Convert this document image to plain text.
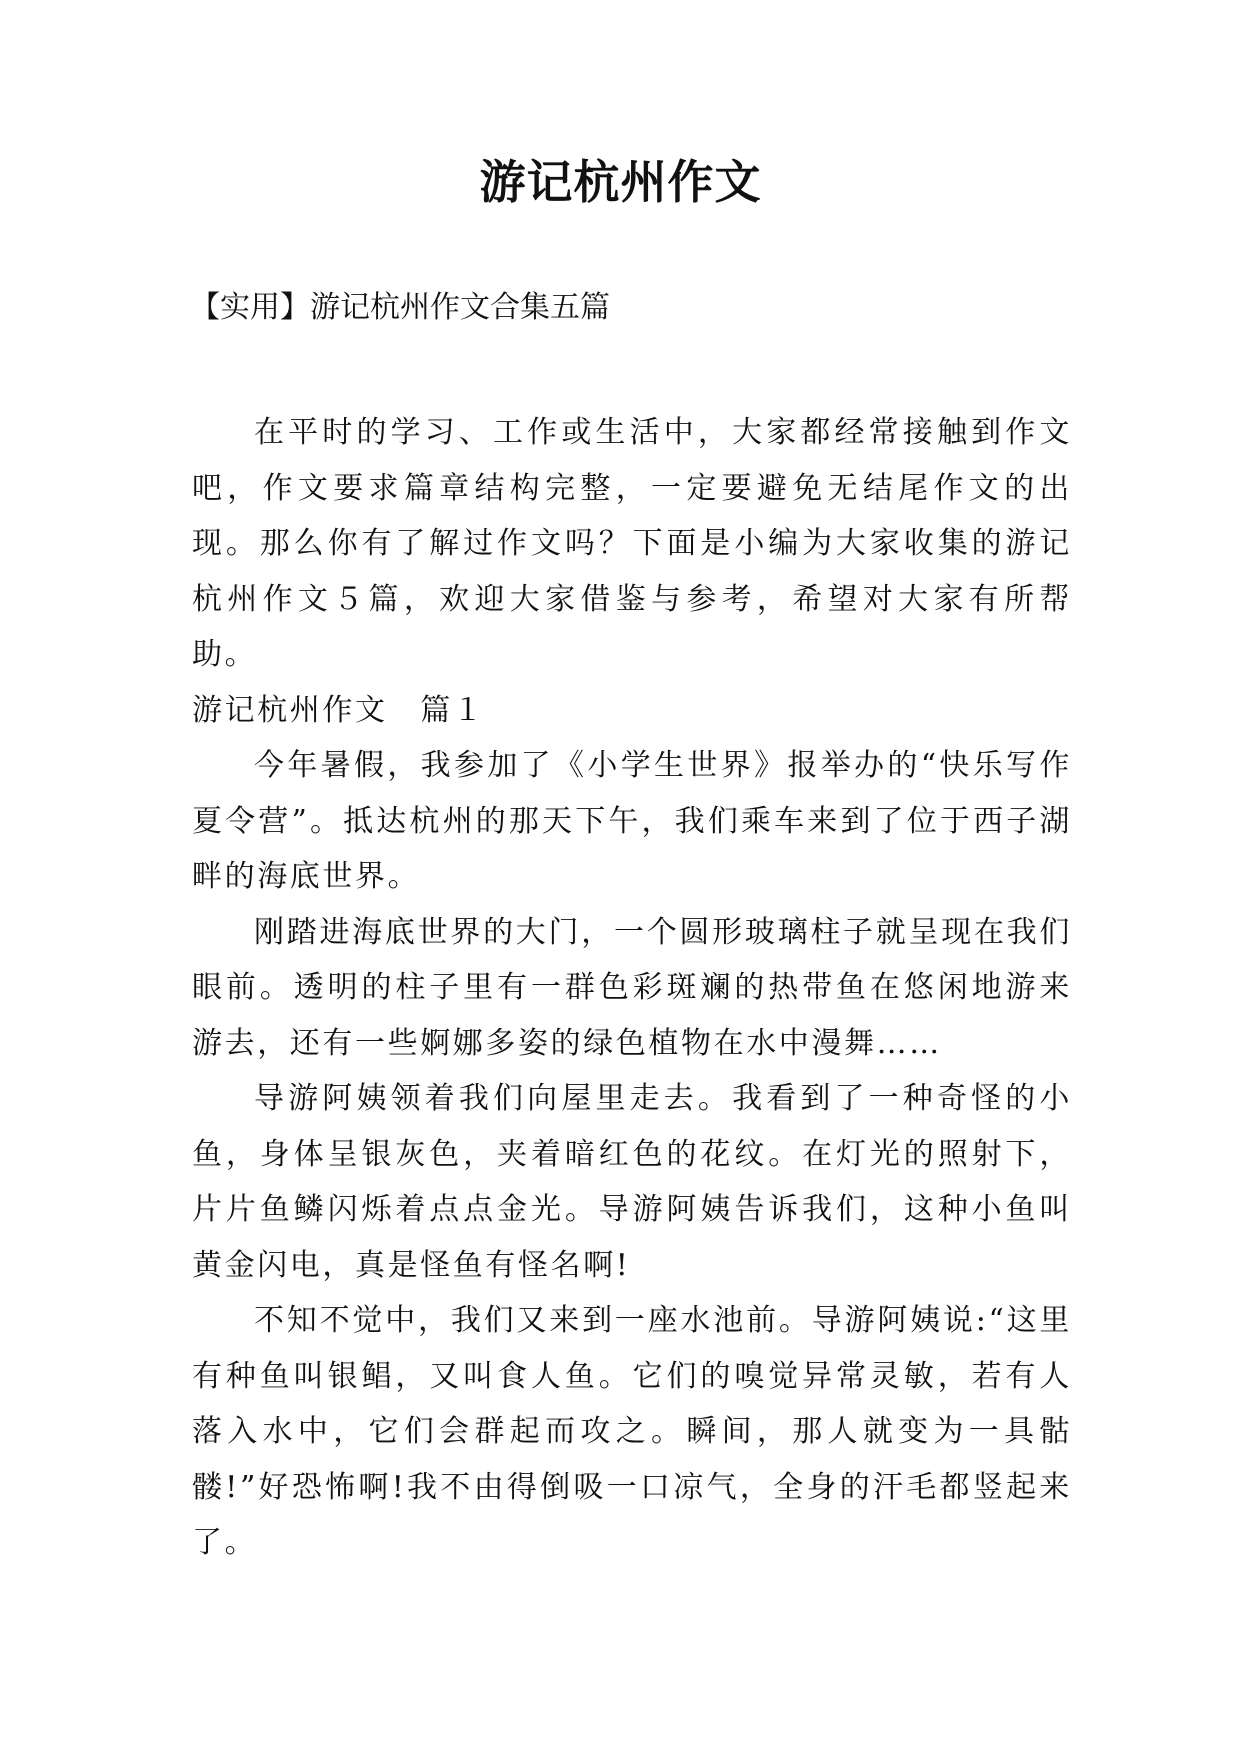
游记杭州作文

【实用】游记杭州作文合集五篇

在平时的学习、工作或生活中，大家都经常接触到作文吧，作文要求篇章结构完整，一定要避免无结尾作文的出现。那么你有了解过作文吗？下面是小编为大家收集的游记杭州作文５篇，欢迎大家借鉴与参考，希望对大家有所帮助。

游记杭州作文　篇１

今年暑假，我参加了《小学生世界》报举办的“快乐写作夏令营”。抵达杭州的那天下午，我们乘车来到了位于西子湖畔的海底世界。

刚踏进海底世界的大门，一个圆形玻璃柱子就呈现在我们眼前。透明的柱子里有一群色彩斑斓的热带鱼在悠闲地游来游去，还有一些婀娜多姿的绿色植物在水中漫舞……

导游阿姨领着我们向屋里走去。我看到了一种奇怪的小鱼，身体呈银灰色，夹着暗红色的花纹。在灯光的照射下，片片鱼鳞闪烁着点点金光。导游阿姨告诉我们，这种小鱼叫黄金闪电，真是怪鱼有怪名啊!

不知不觉中，我们又来到一座水池前。导游阿姨说:“这里有种鱼叫银鲳，又叫食人鱼。它们的嗅觉异常灵敏，若有人落入水中，它们会群起而攻之。瞬间，那人就变为一具骷髅!”好恐怖啊!我不由得倒吸一口凉气，全身的汗毛都竖起来了。
